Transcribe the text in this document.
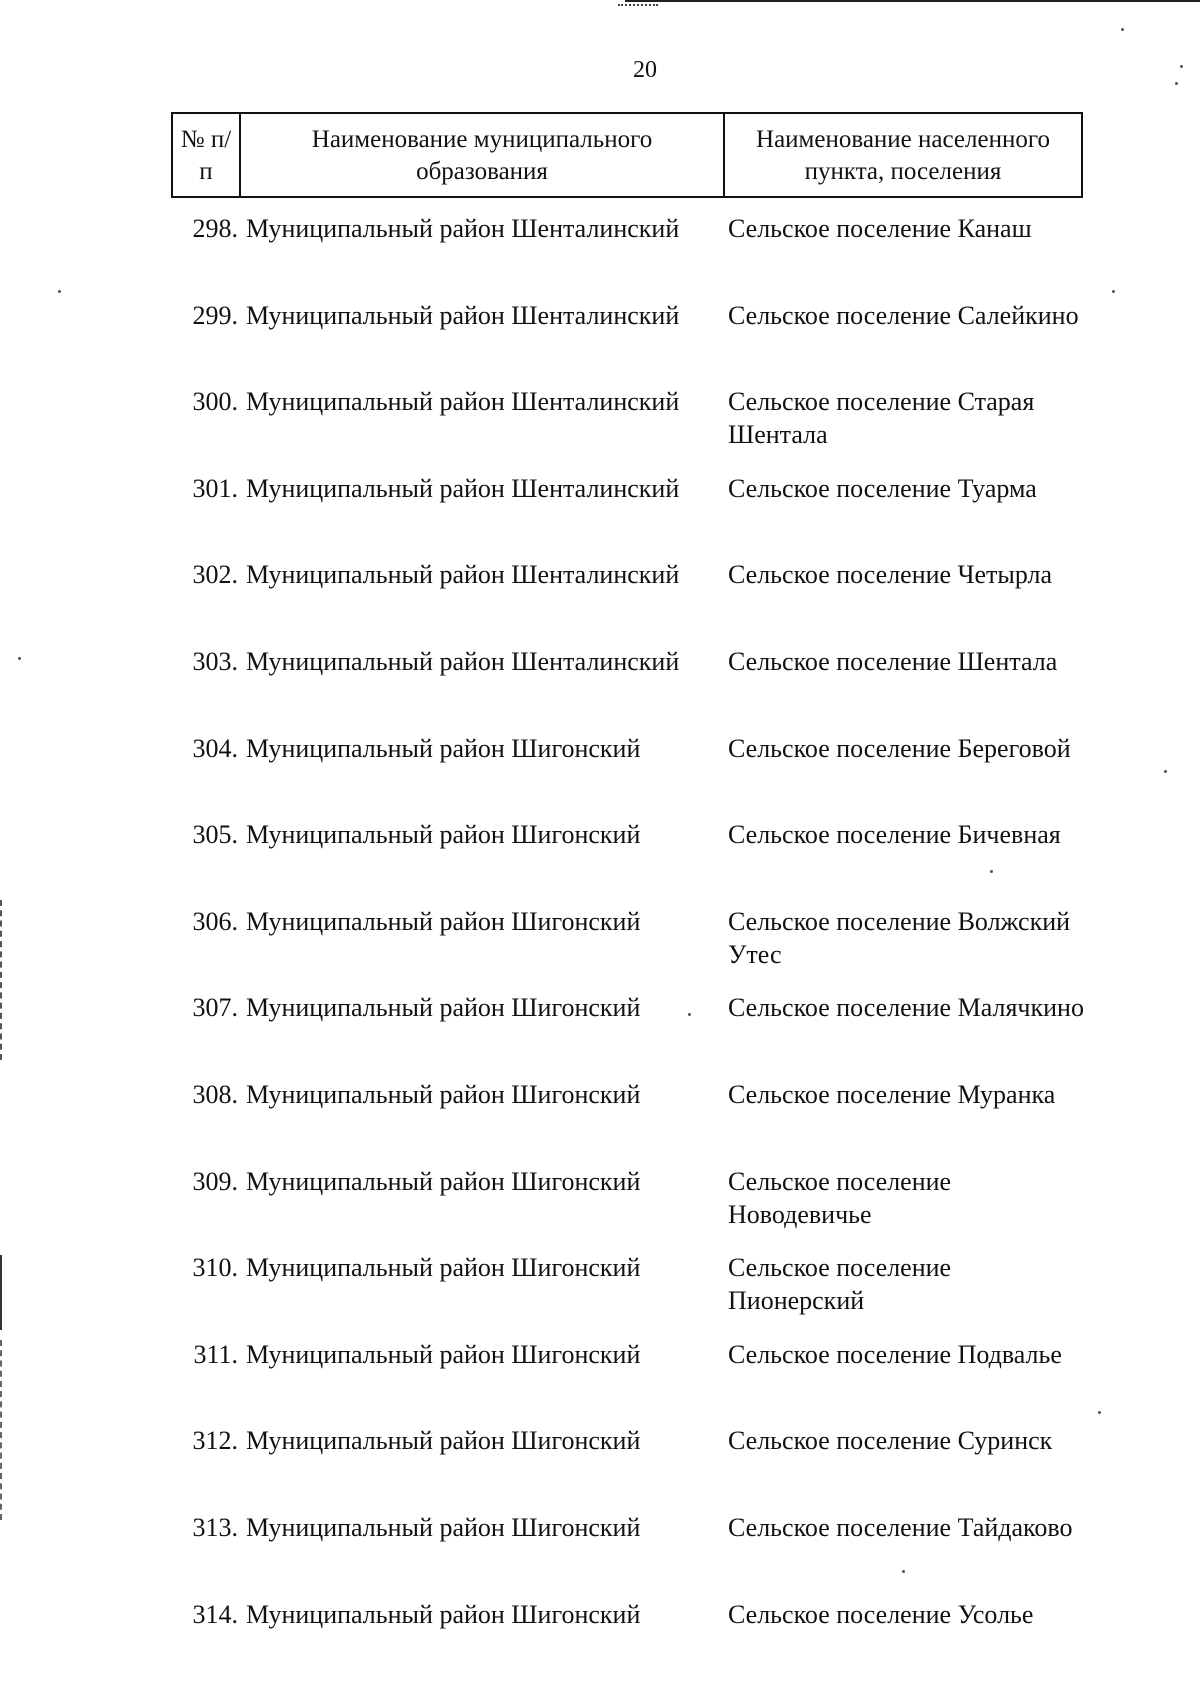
20
№ п/п	Наименование муниципального образования	Наименование населенного пункта, поселения
298. Муниципальный район Шенталинский	Сельское поселение Канаш
299. Муниципальный район Шенталинский	Сельское поселение Салейкино
300. Муниципальный район Шенталинский	Сельское поселение Старая Шентала
301. Муниципальный район Шенталинский	Сельское поселение Туарма
302. Муниципальный район Шенталинский	Сельское поселение Четырла
303. Муниципальный район Шенталинский	Сельское поселение Шентала
304. Муниципальный район Шигонский	Сельское поселение Береговой
305. Муниципальный район Шигонский	Сельское поселение Бичевная
306. Муниципальный район Шигонский	Сельское поселение Волжский Утес
307. Муниципальный район Шигонский	Сельское поселение Малячкино
308. Муниципальный район Шигонский	Сельское поселение Муранка
309. Муниципальный район Шигонский	Сельское поселение Новодевичье
310. Муниципальный район Шигонский	Сельское поселение Пионерский
311. Муниципальный район Шигонский	Сельское поселение Подвалье
312. Муниципальный район Шигонский	Сельское поселение Суринск
313. Муниципальный район Шигонский	Сельское поселение Тайдаково
314. Муниципальный район Шигонский	Сельское поселение Усолье
